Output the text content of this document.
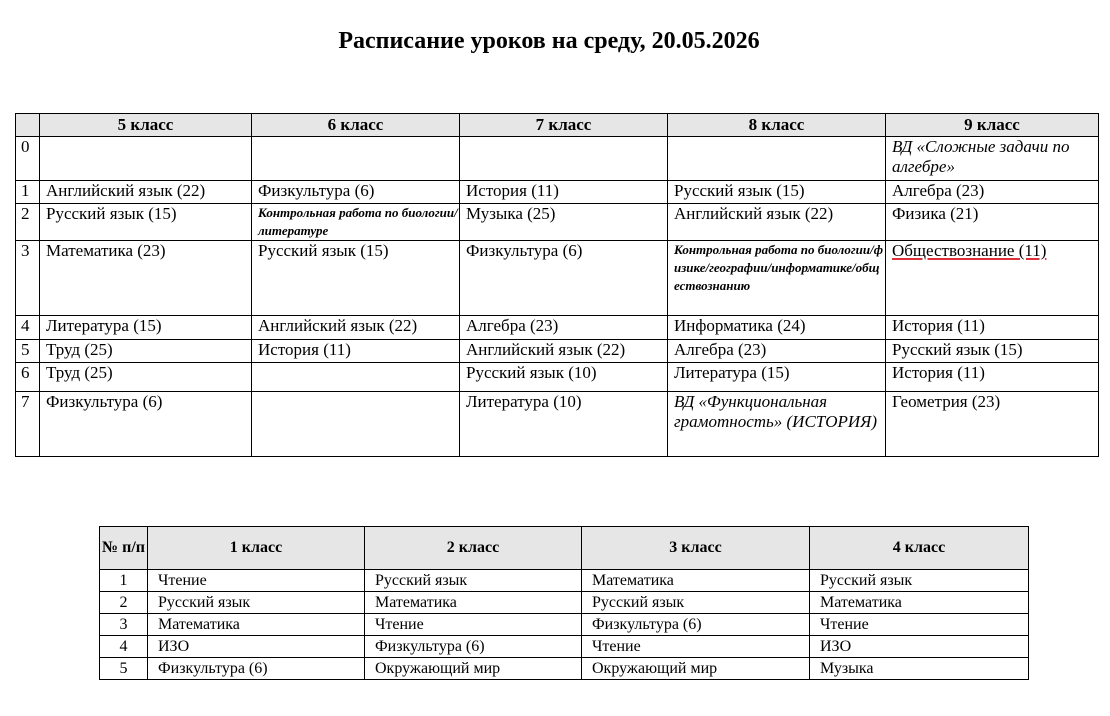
Расписание уроков на среду, 20.05.2026
	5 класс	6 класс	7 класс	8 класс	9 класс
0					ВД «Сложные задачи по алгебре»
1	Английский язык (22)	Физкультура (6)	История (11)	Русский язык (15)	Алгебра (23)
2	Русский язык (15)	Контрольная работа по биологии/литературе	Музыка (25)	Английский язык (22)	Физика (21)
3	Математика (23)	Русский язык (15)	Физкультура (6)	Контрольная работа по биологии/физике/географии/информатике/обществознанию	Обществознание (11)
4	Литература (15)	Английский язык (22)	Алгебра (23)	Информатика (24)	История (11)
5	Труд (25)	История (11)	Английский язык (22)	Алгебра (23)	Русский язык (15)
6	Труд (25)		Русский язык (10)	Литература (15)	История (11)
7	Физкультура (6)		Литература (10)	ВД «Функциональная грамотность» (ИСТОРИЯ)	Геометрия (23)
№ п/п	1 класс	2 класс	3 класс	4 класс
1	Чтение	Русский язык	Математика	Русский язык
2	Русский язык	Математика	Русский язык	Математика
3	Математика	Чтение	Физкультура (6)	Чтение
4	ИЗО	Физкультура (6)	Чтение	ИЗО
5	Физкультура (6)	Окружающий мир	Окружающий мир	Музыка
